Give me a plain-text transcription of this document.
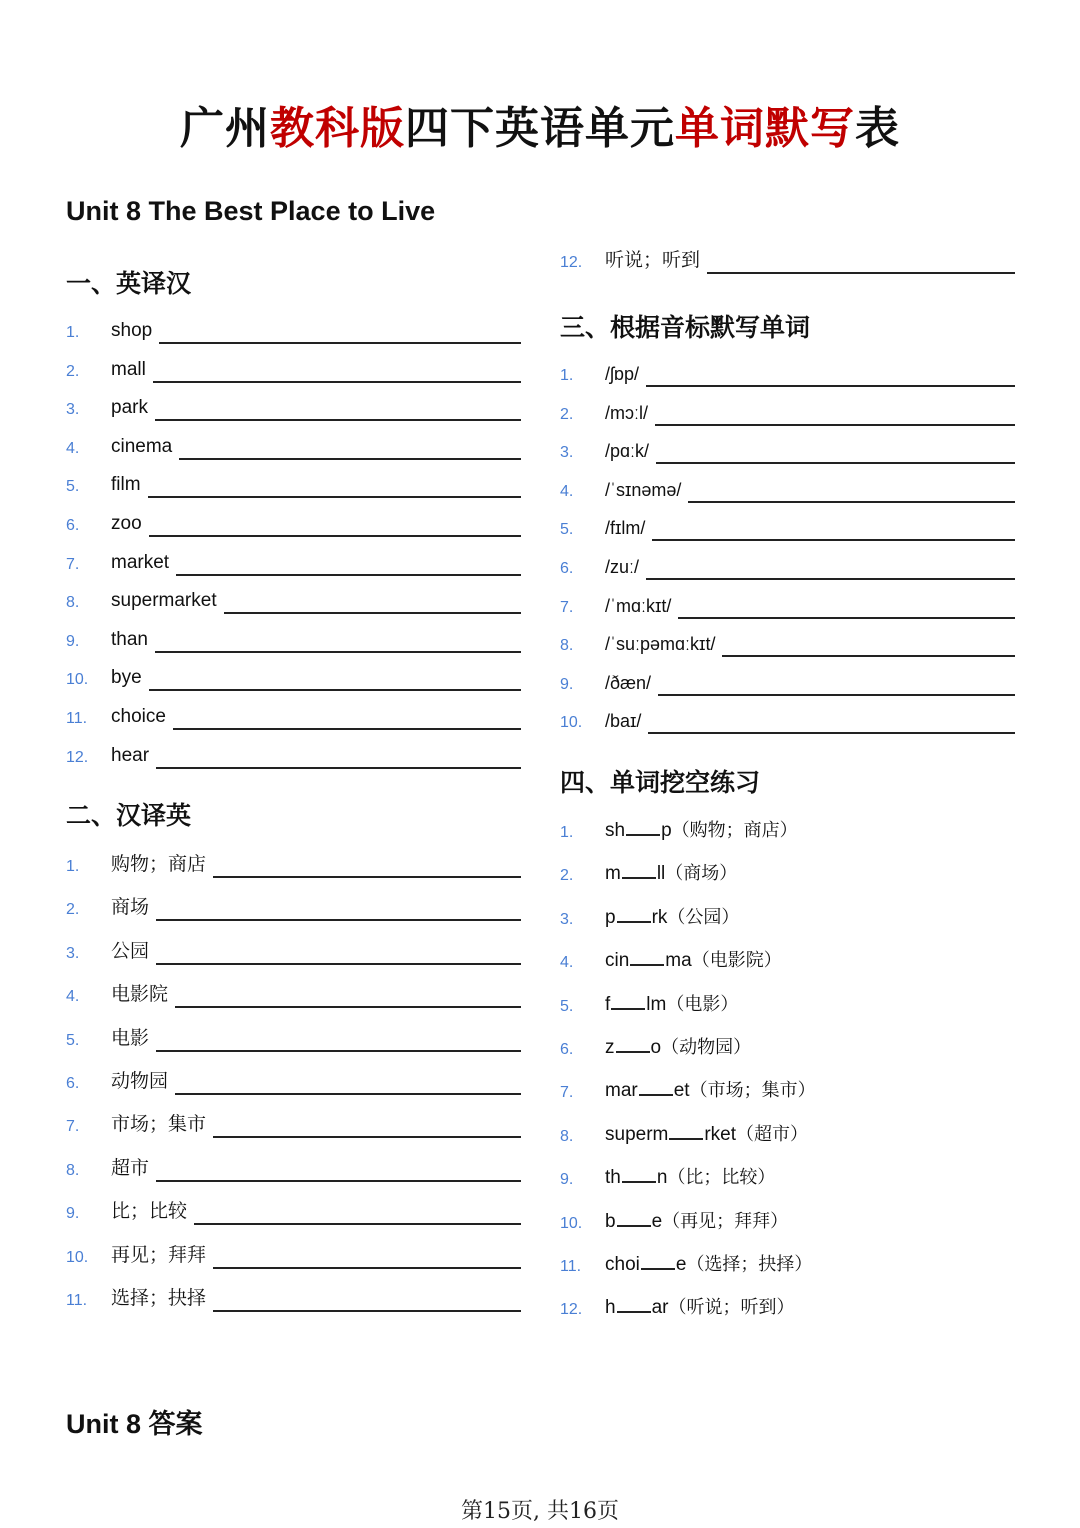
广州教科版四下英语单元单词默写表
Unit 8 The Best Place to Live
一、英译汉
1. shop
2. mall
3. park
4. cinema
5. film
6. zoo
7. market
8. supermarket
9. than
10. bye
11. choice
12. hear
二、汉译英
1. 购物；商店
2. 商场
3. 公园
4. 电影院
5. 电影
6. 动物园
7. 市场；集市
8. 超市
9. 比；比较
10. 再见；拜拜
11. 选择；抉择
12. 听说；听到
三、根据音标默写单词
1. /ʃɒp/
2. /mɔːl/
3. /pɑːk/
4. /ˈsɪnəmə/
5. /fɪlm/
6. /zuː/
7. /ˈmɑːkɪt/
8. /ˈsuːpəmɑːkɪt/
9. /ðæn/
10. /baɪ/
四、单词挖空练习
1. sh p（购物；商店）
2. m ll（商场）
3. p rk（公园）
4. cin ma（电影院）
5. f lm（电影）
6. z o（动物园）
7. mar et（市场；集市）
8. superm rket（超市）
9. th n（比；比较）
10. b e（再见；拜拜）
11. choi e（选择；抉择）
12. h ar（听说；听到）
Unit 8 答案
第15页, 共16页
